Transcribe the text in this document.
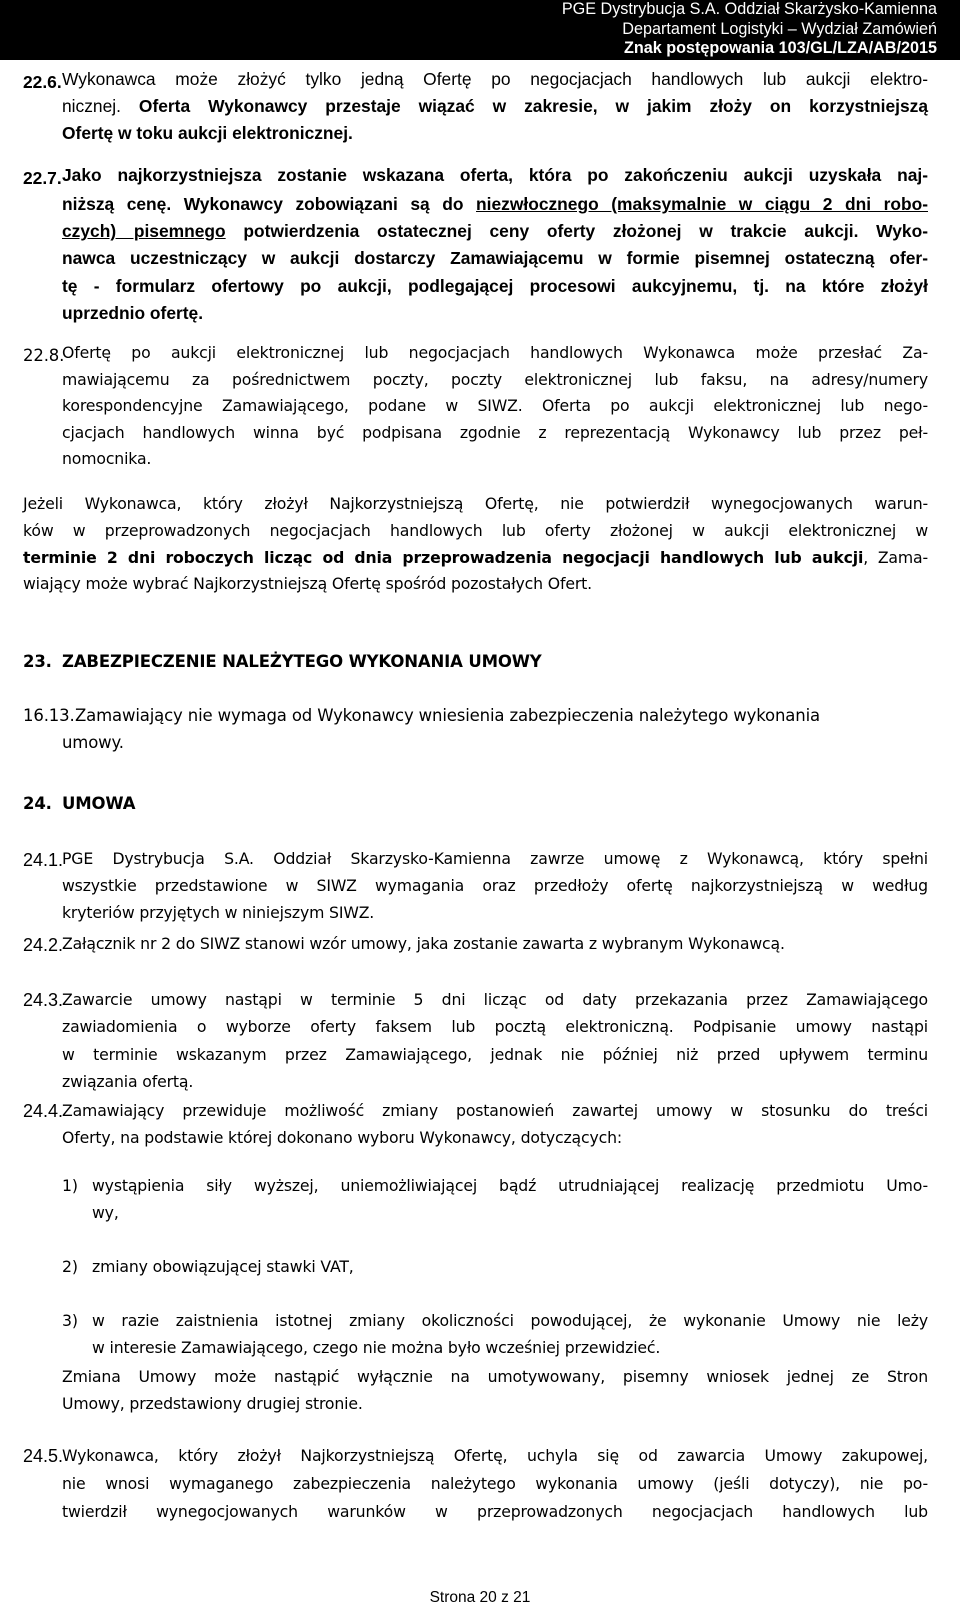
PGE Dystrybucja S.A. Oddział Skarżysko-Kamienna
Departament Logistyki – Wydział Zamówień
Znak postępowania 103/GL/LZA/AB/2015
22.6. Wykonawca może złożyć tylko jedną Ofertę po negocjacjach handlowych lub aukcji elektro-
nicznej. Oferta Wykonawcy przestaje wiązać w zakresie, w jakim złoży on korzystniejszą
Ofertę w toku aukcji elektronicznej.
22.7. Jako najkorzystniejsza zostanie wskazana oferta, która po zakończeniu aukcji uzyskała naj-
niższą cenę. Wykonawcy zobowiązani są do niezwłocznego (maksymalnie w ciągu 2 dni robo-
czych) pisemnego potwierdzenia ostatecznej ceny oferty złożonej w trakcie aukcji. Wyko-
nawca uczestniczący w aukcji dostarczy Zamawiającemu w formie pisemnej ostateczną ofer-
tę - formularz ofertowy po aukcji, podlegającej procesowi aukcyjnemu, tj. na które złożył
uprzednio ofertę.
22.8.
Ofertę po aukcji elektronicznej lub negocjacjach handlowych Wykonawca może przesłać Za-
mawiającemu za pośrednictwem poczty, poczty elektronicznej lub faksu, na adresy/numery
korespondencyjne Zamawiającego, podane w SIWZ. Oferta po aukcji elektronicznej lub nego-
cjacjach handlowych winna być podpisana zgodnie z reprezentacją Wykonawcy lub przez peł-
nomocnika.
Jeżeli Wykonawca, który złożył Najkorzystniejszą Ofertę, nie potwierdził wynegocjowanych warun-
ków w przeprowadzonych negocjacjach handlowych lub oferty złożonej w aukcji elektronicznej w
terminie 2 dni roboczych licząc od dnia przeprowadzenia negocjacji handlowych lub aukcji, Zama-
wiający może wybrać Najkorzystniejszą Ofertę spośród pozostałych Ofert.
23. ZABEZPIECZENIE NALEŻYTEGO WYKONANIA UMOWY
16.13. Zamawiający nie wymaga od Wykonawcy wniesienia zabezpieczenia należytego wykonania
umowy.
24. UMOWA
24.1.
PGE Dystrybucja S.A. Oddział Skarzysko-Kamienna zawrze umowę z Wykonawcą, który spełni
wszystkie przedstawione w SIWZ wymagania oraz przedłoży ofertę najkorzystniejszą w według
kryteriów przyjętych w niniejszym SIWZ.
24.2.
Załącznik nr 2 do SIWZ stanowi wzór umowy, jaka zostanie zawarta z wybranym Wykonawcą.
24.3.
Zawarcie umowy nastąpi w terminie 5 dni licząc od daty przekazania przez Zamawiającego
zawiadomienia o wyborze oferty faksem lub pocztą elektroniczną. Podpisanie umowy nastąpi
w terminie wskazanym przez Zamawiającego, jednak nie później niż przed upływem terminu
związania ofertą.
24.4.
Zamawiający przewiduje możliwość zmiany postanowień zawartej umowy w stosunku do treści
Oferty, na podstawie której dokonano wyboru Wykonawcy, dotyczących:
1) wystąpienia siły wyższej, uniemożliwiającej bądź utrudniającej realizację przedmiotu Umo-
wy,
2) zmiany obowiązującej stawki VAT,
3) w razie zaistnienia istotnej zmiany okoliczności powodującej, że wykonanie Umowy nie leży
w interesie Zamawiającego, czego nie można było wcześniej przewidzieć.
Zmiana Umowy może nastąpić wyłącznie na umotywowany, pisemny wniosek jednej ze Stron
Umowy, przedstawiony drugiej stronie.
24.5.
Wykonawca, który złożył Najkorzystniejszą Ofertę, uchyla się od zawarcia Umowy zakupowej,
nie wnosi wymaganego zabezpieczenia należytego wykonania umowy (jeśli dotyczy), nie po-
twierdził wynegocjowanych warunków w przeprowadzonych negocjacjach handlowych lub
Strona 20 z 21
